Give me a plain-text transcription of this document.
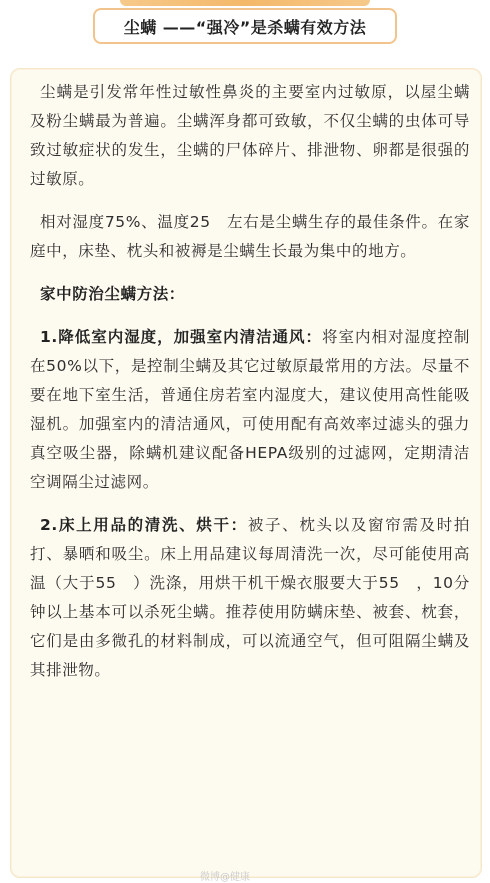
尘螨 ——“强冷”是杀螨有效方法

尘螨是引发常年性过敏性鼻炎的主要室内过敏原，以屋尘螨及粉尘螨最为普遍。尘螨浑身都可致敏，不仅尘螨的虫体可导致过敏症状的发生，尘螨的尸体碎片、排泄物、卵都是很强的过敏原。

相对湿度75%、温度25　左右是尘螨生存的最佳条件。在家庭中，床垫、枕头和被褥是尘螨生长最为集中的地方。

家中防治尘螨方法：

1.降低室内湿度，加强室内清洁通风：将室内相对湿度控制在50%以下，是控制尘螨及其它过敏原最常用的方法。尽量不要在地下室生活，普通住房若室内湿度大，建议使用高性能吸湿机。加强室内的清洁通风，可使用配有高效率过滤头的强力真空吸尘器，除螨机建议配备HEPA级别的过滤网，定期清洁空调隔尘过滤网。

2.床上用品的清洗、烘干：被子、枕头以及窗帘需及时拍打、暴晒和吸尘。床上用品建议每周清洗一次，尽可能使用高温（大于55　）洗涤，用烘干机干燥衣服要大于55　，10分钟以上基本可以杀死尘螨。推荐使用防螨床垫、被套、枕套，它们是由多微孔的材料制成，可以流通空气，但可阻隔尘螨及其排泄物。

微博@健康
